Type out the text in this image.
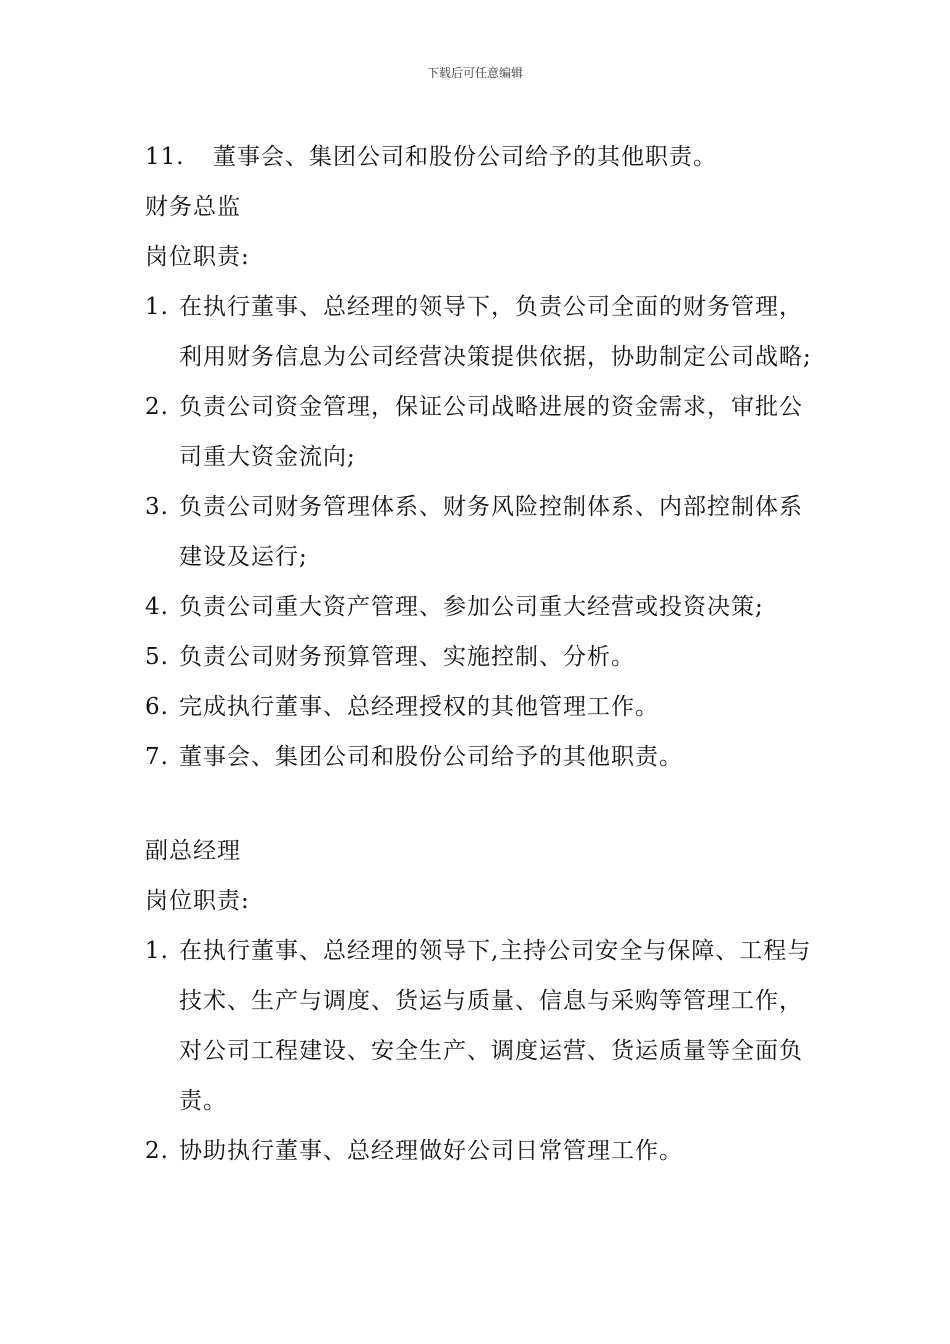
下载后可任意编辑
11.	董事会、集团公司和股份公司给予的其他职责。
财务总监
岗位职责:
1. 在执行董事、总经理的领导下，负责公司全面的财务管理，利用财务信息为公司经营决策提供依据，协助制定公司战略;
2. 负责公司资金管理，保证公司战略进展的资金需求，审批公司重大资金流向;
3. 负责公司财务管理体系、财务风险控制体系、内部控制体系建设及运行;
4. 负责公司重大资产管理、参加公司重大经营或投资决策;
5. 负责公司财务预算管理、实施控制、分析。
6. 完成执行董事、总经理授权的其他管理工作。
7. 董事会、集团公司和股份公司给予的其他职责。
副总经理
岗位职责:
1. 在执行董事、总经理的领导下,主持公司安全与保障、工程与技术、生产与调度、货运与质量、信息与采购等管理工作，对公司工程建设、安全生产、调度运营、货运质量等全面负责。
2. 协助执行董事、总经理做好公司日常管理工作。
